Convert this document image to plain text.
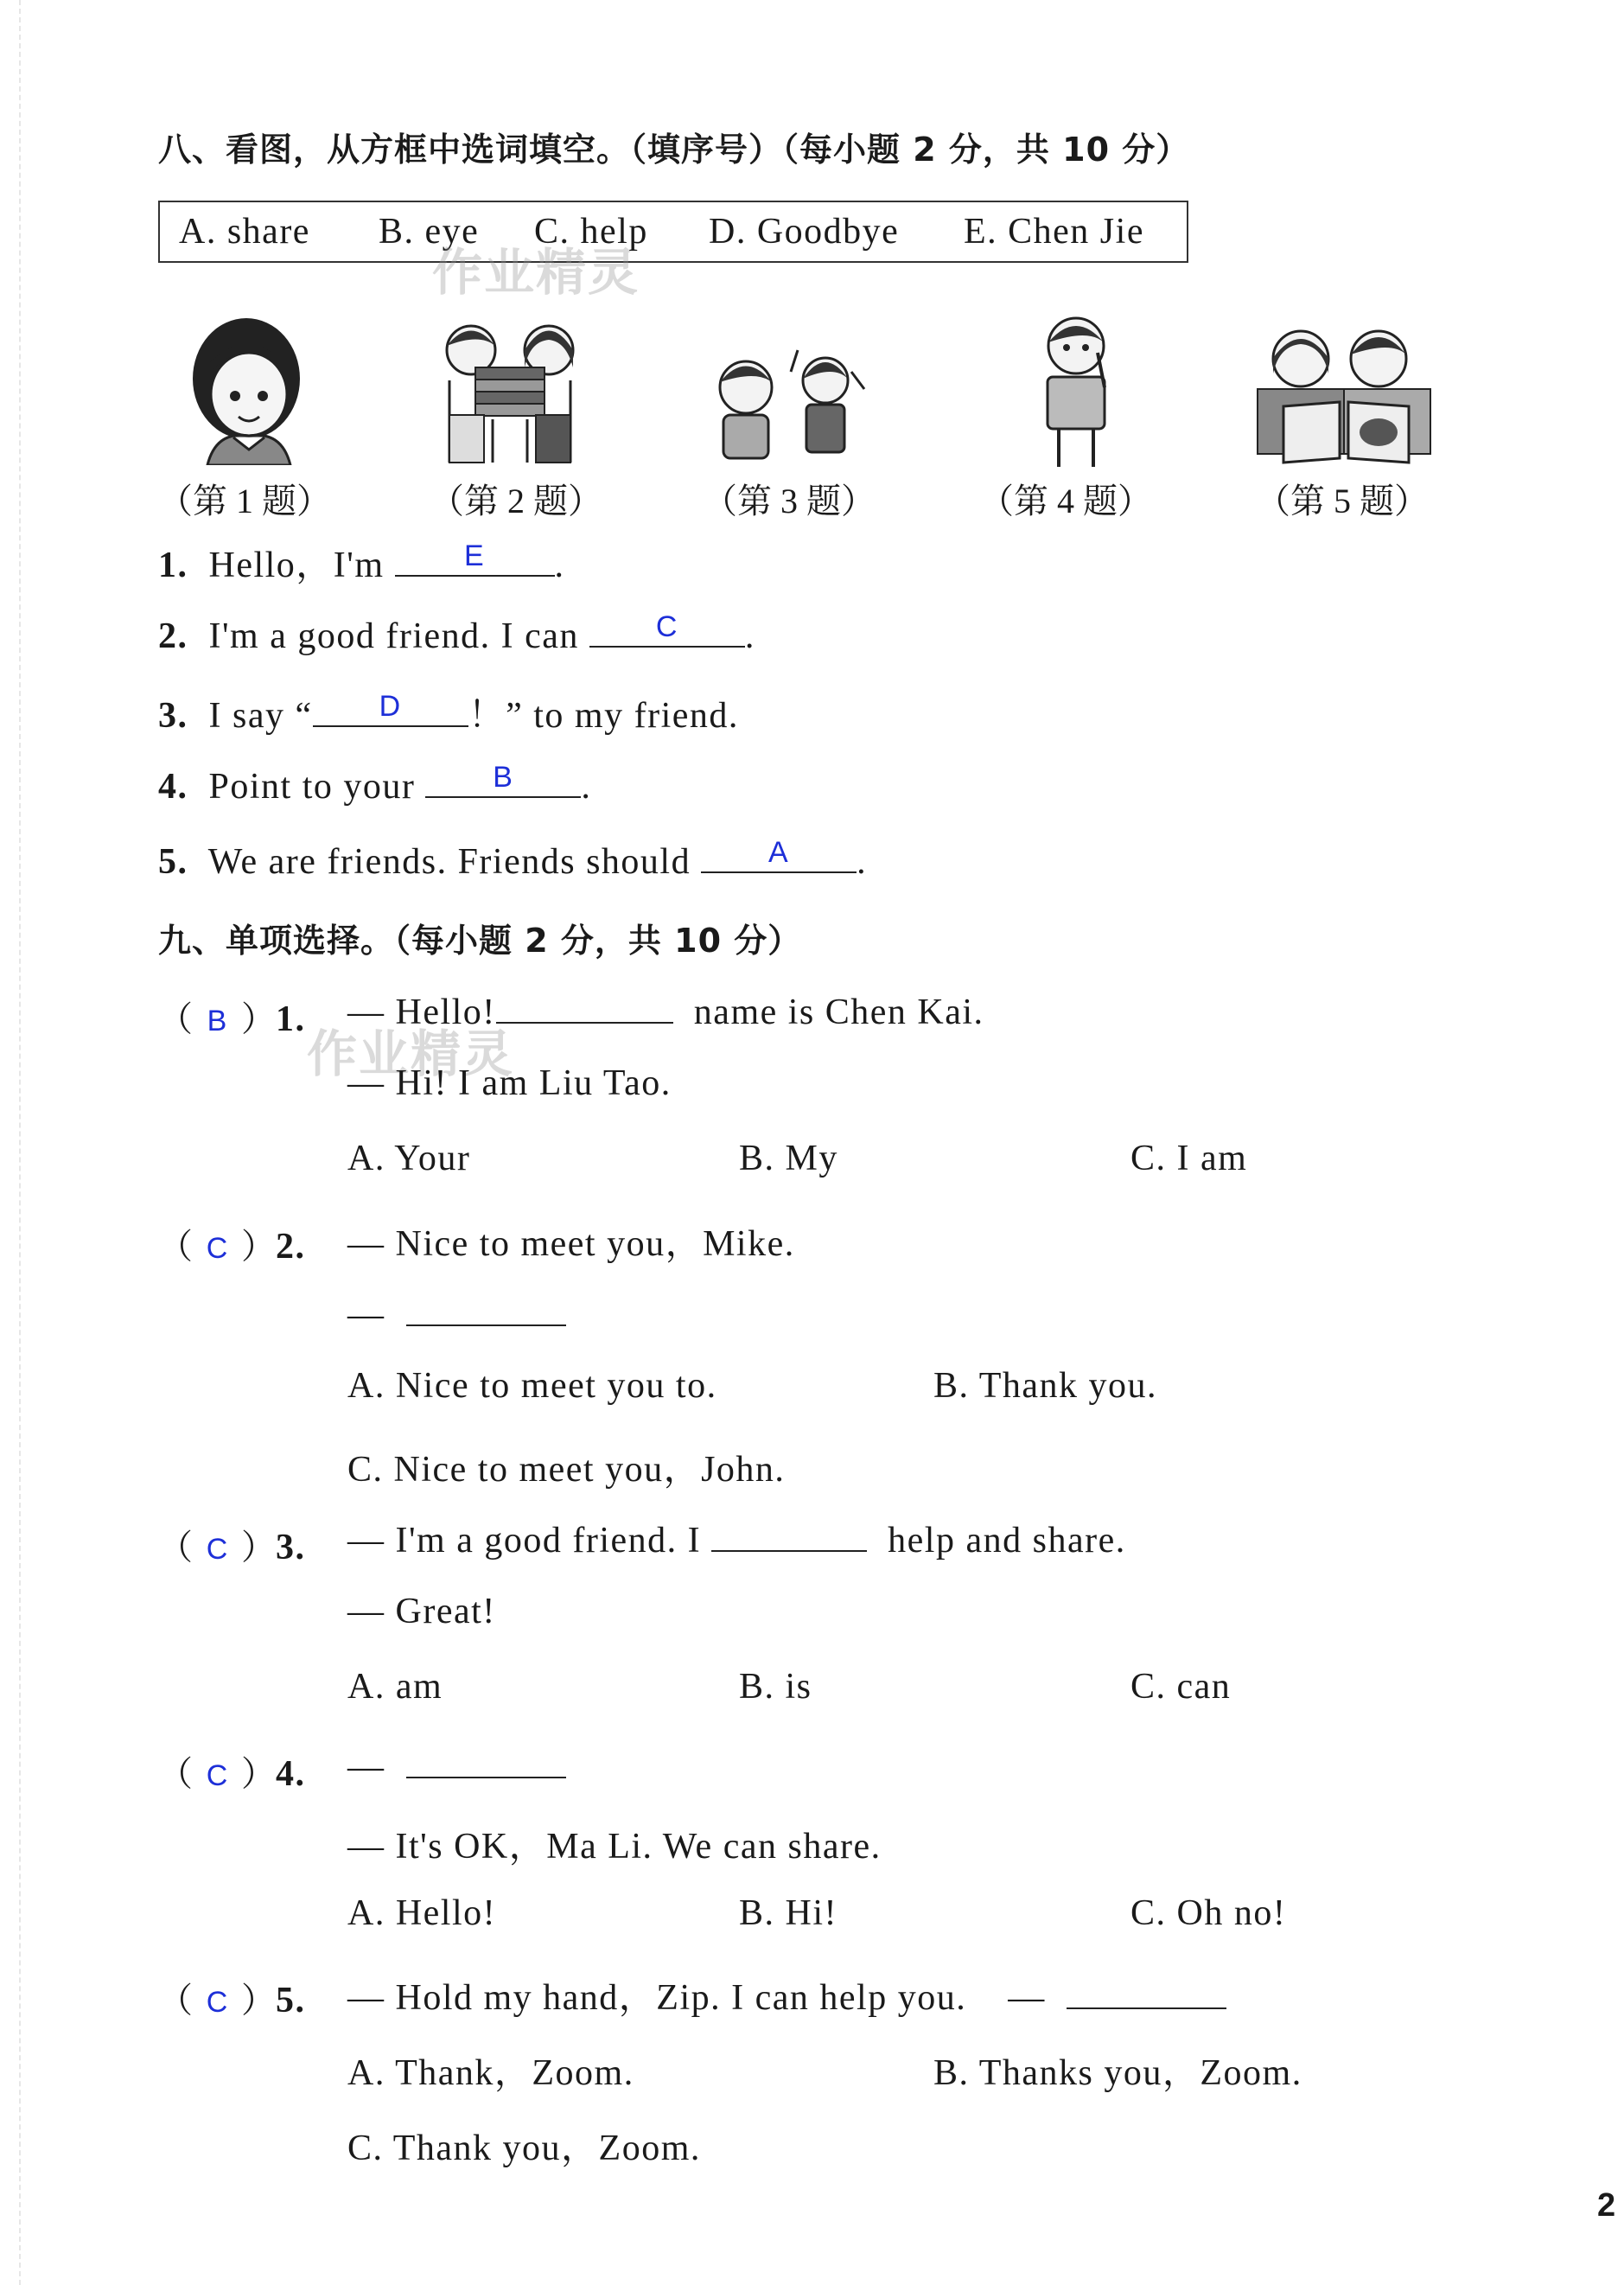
八、看图，从方框中选词填空。（填序号）（每小题 2 分，共 10 分）
A. share B. eye C. help D. Goodbye E. Chen Jie
作业精灵
（第 1 题）	（第 2 题）	（第 3 题）	（第 4 题）	（第 5 题）
1. Hello，I'm	E	.
2. I'm a good friend. I can	C	.
3. I say “	D	！” to my friend.
4. Point to your	B	.
5. We are friends. Friends should	A	.
九、单项选择。（每小题 2 分，共 10 分）
（ B ）1. — Hello!	name is Chen Kai.
作业精灵
— Hi! I am Liu Tao.
A. Your	B. My	C. I am
（ C ）2. — Nice to meet you，Mike.
—
A. Nice to meet you to.	B. Thank you.
C. Nice to meet you，John.
（ C ）3. — I'm a good friend. I	help and share.
— Great!
A. am	B. is	C. can
（ C ）4. —
— It's OK，Ma Li. We can share.
A. Hello!	B. Hi!	C. Oh no!
（ C ）5. — Hold my hand，Zip. I can help you. —
A. Thank，Zoom.	B. Thanks you，Zoom.
C. Thank you，Zoom.
2
